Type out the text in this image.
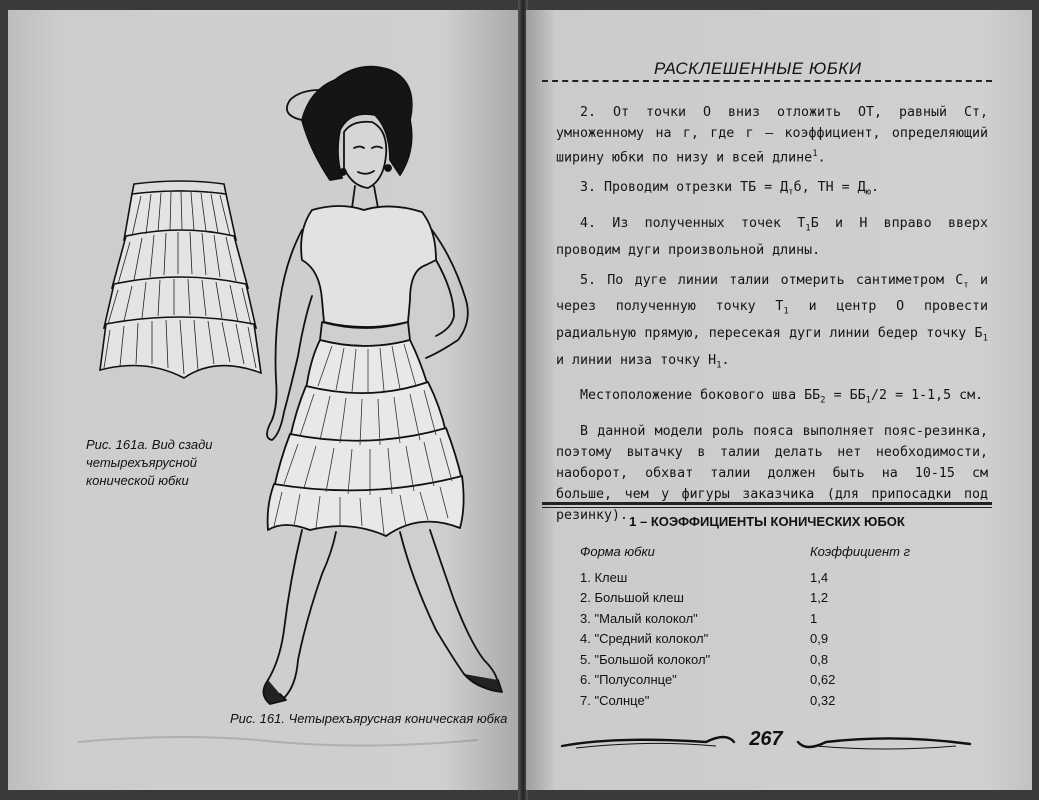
Рис. 161а. Вид сзади четырехъярусной конической юбки
Рис. 161. Четырехъярусная коническая юбка
РАСКЛЕШЕННЫЕ ЮБКИ

2. От точки О вниз отложить ОТ, равный Ст, умноженному на г, где г – коэффициент, определяющий ширину юбки по низу и всей длине$^1$.

3. Проводим отрезки ТБ = $Д_тб$, ТН = $Д_ю$.

4. Из полученных точек $Т_1Б$ и Н вправо вверх проводим дуги произвольной длины.

5. По дуге линии талии отмерить сантиметром $С_т$ и через полученную точку $Т_1$ и центр О провести радиальную прямую, пересекая дуги линии бедер точку $Б_1$ и линии низа точку $Н_1$.

Местоположение бокового шва $ББ_2 = ББ_1/2 = 1-1,5$ см.

В данной модели роль пояса выполняет пояс-резинка, поэтому вытачку в талии делать нет необходимости, наоборот, обхват талии должен быть на 10-15 см больше, чем у фигуры заказчика (для припосадки под резинку). 1 – КОЭФФИЦИЕНТЫ КОНИЧЕСКИХ ЮБОК
Форма юбки	Коэффициент г
1. Клеш	1,4
2. Большой клеш	1,2
3. "Малый колокол"	1
4. "Средний колокол"	0,9
5. "Большой колокол"	0,8
6. "Полусолнце"	0,62
7. "Солнце"	0,32
267
